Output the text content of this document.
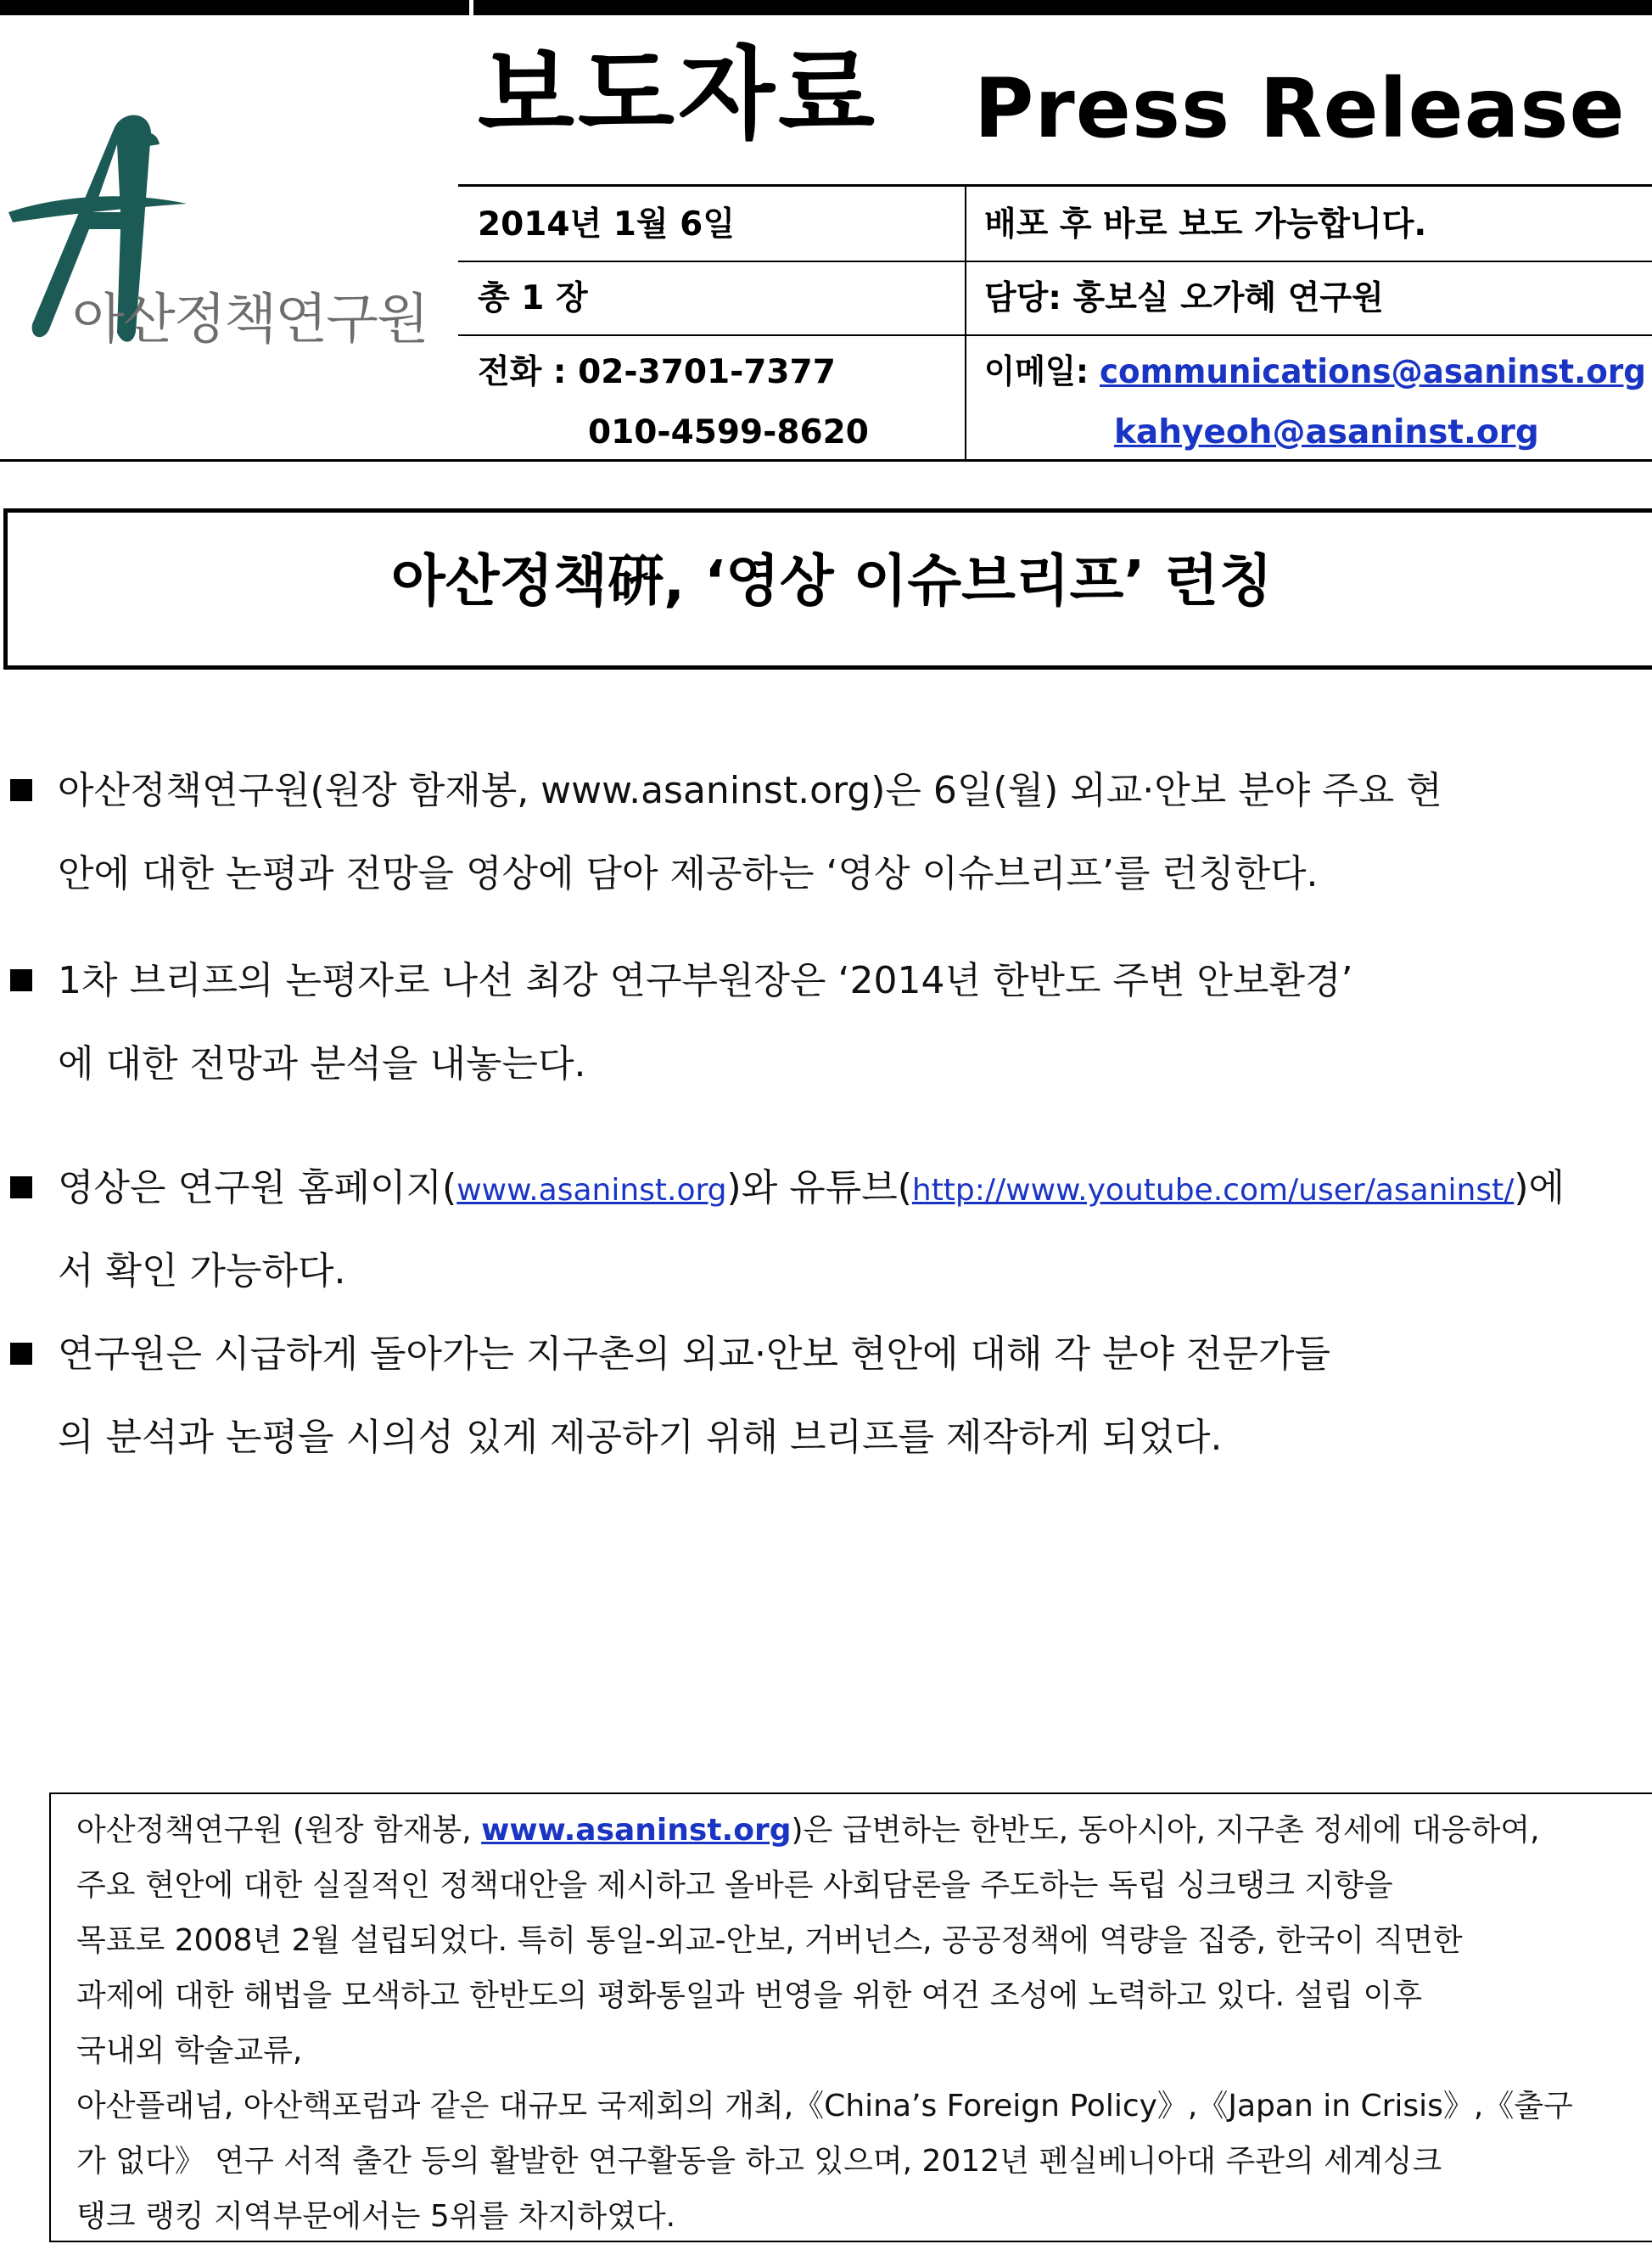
아산정책연구원
보도자료 Press Release
2014년 1월 6일	배포 후 바로 보도 가능합니다.
총 1 장	담당: 홍보실 오가혜 연구원
전화 : 02-3701-7377
010-4599-8620
이메일: communications@asaninst.org
kahyeoh@asaninst.org
아산정책硏, ‘영상 이슈브리프’ 런칭
아산정책연구원(원장 함재봉, www.asaninst.org)은 6일(월) 외교·안보 분야 주요 현
안에 대한 논평과 전망을 영상에 담아 제공하는 ‘영상 이슈브리프’를 런칭한다.
1차 브리프의 논평자로 나선 최강 연구부원장은 ‘2014년 한반도 주변 안보환경’
에 대한 전망과 분석을 내놓는다.
영상은 연구원 홈페이지(www.asaninst.org)와 유튜브(http://www.youtube.com/user/asaninst/)에
서 확인 가능하다.
연구원은 시급하게 돌아가는 지구촌의 외교·안보 현안에 대해 각 분야 전문가들
의 분석과 논평을 시의성 있게 제공하기 위해 브리프를 제작하게 되었다.
아산정책연구원 (원장 함재봉, www.asaninst.org)은 급변하는 한반도, 동아시아, 지구촌 정세에 대응하여,
주요 현안에 대한 실질적인 정책대안을 제시하고 올바른 사회담론을 주도하는 독립 싱크탱크 지향을
목표로 2008년 2월 설립되었다. 특히 통일-외교-안보, 거버넌스, 공공정책에 역량을 집중, 한국이 직면한
과제에 대한 해법을 모색하고 한반도의 평화통일과 번영을 위한 여건 조성에 노력하고 있다. 설립 이후
국내외 학술교류,
아산플래넘, 아산핵포럼과 같은 대규모 국제회의 개최,《China’s Foreign Policy》,《Japan in Crisis》,《출구
가 없다》 연구 서적 출간 등의 활발한 연구활동을 하고 있으며, 2012년 펜실베니아대 주관의 세계싱크
탱크 랭킹 지역부문에서는 5위를 차지하였다.
